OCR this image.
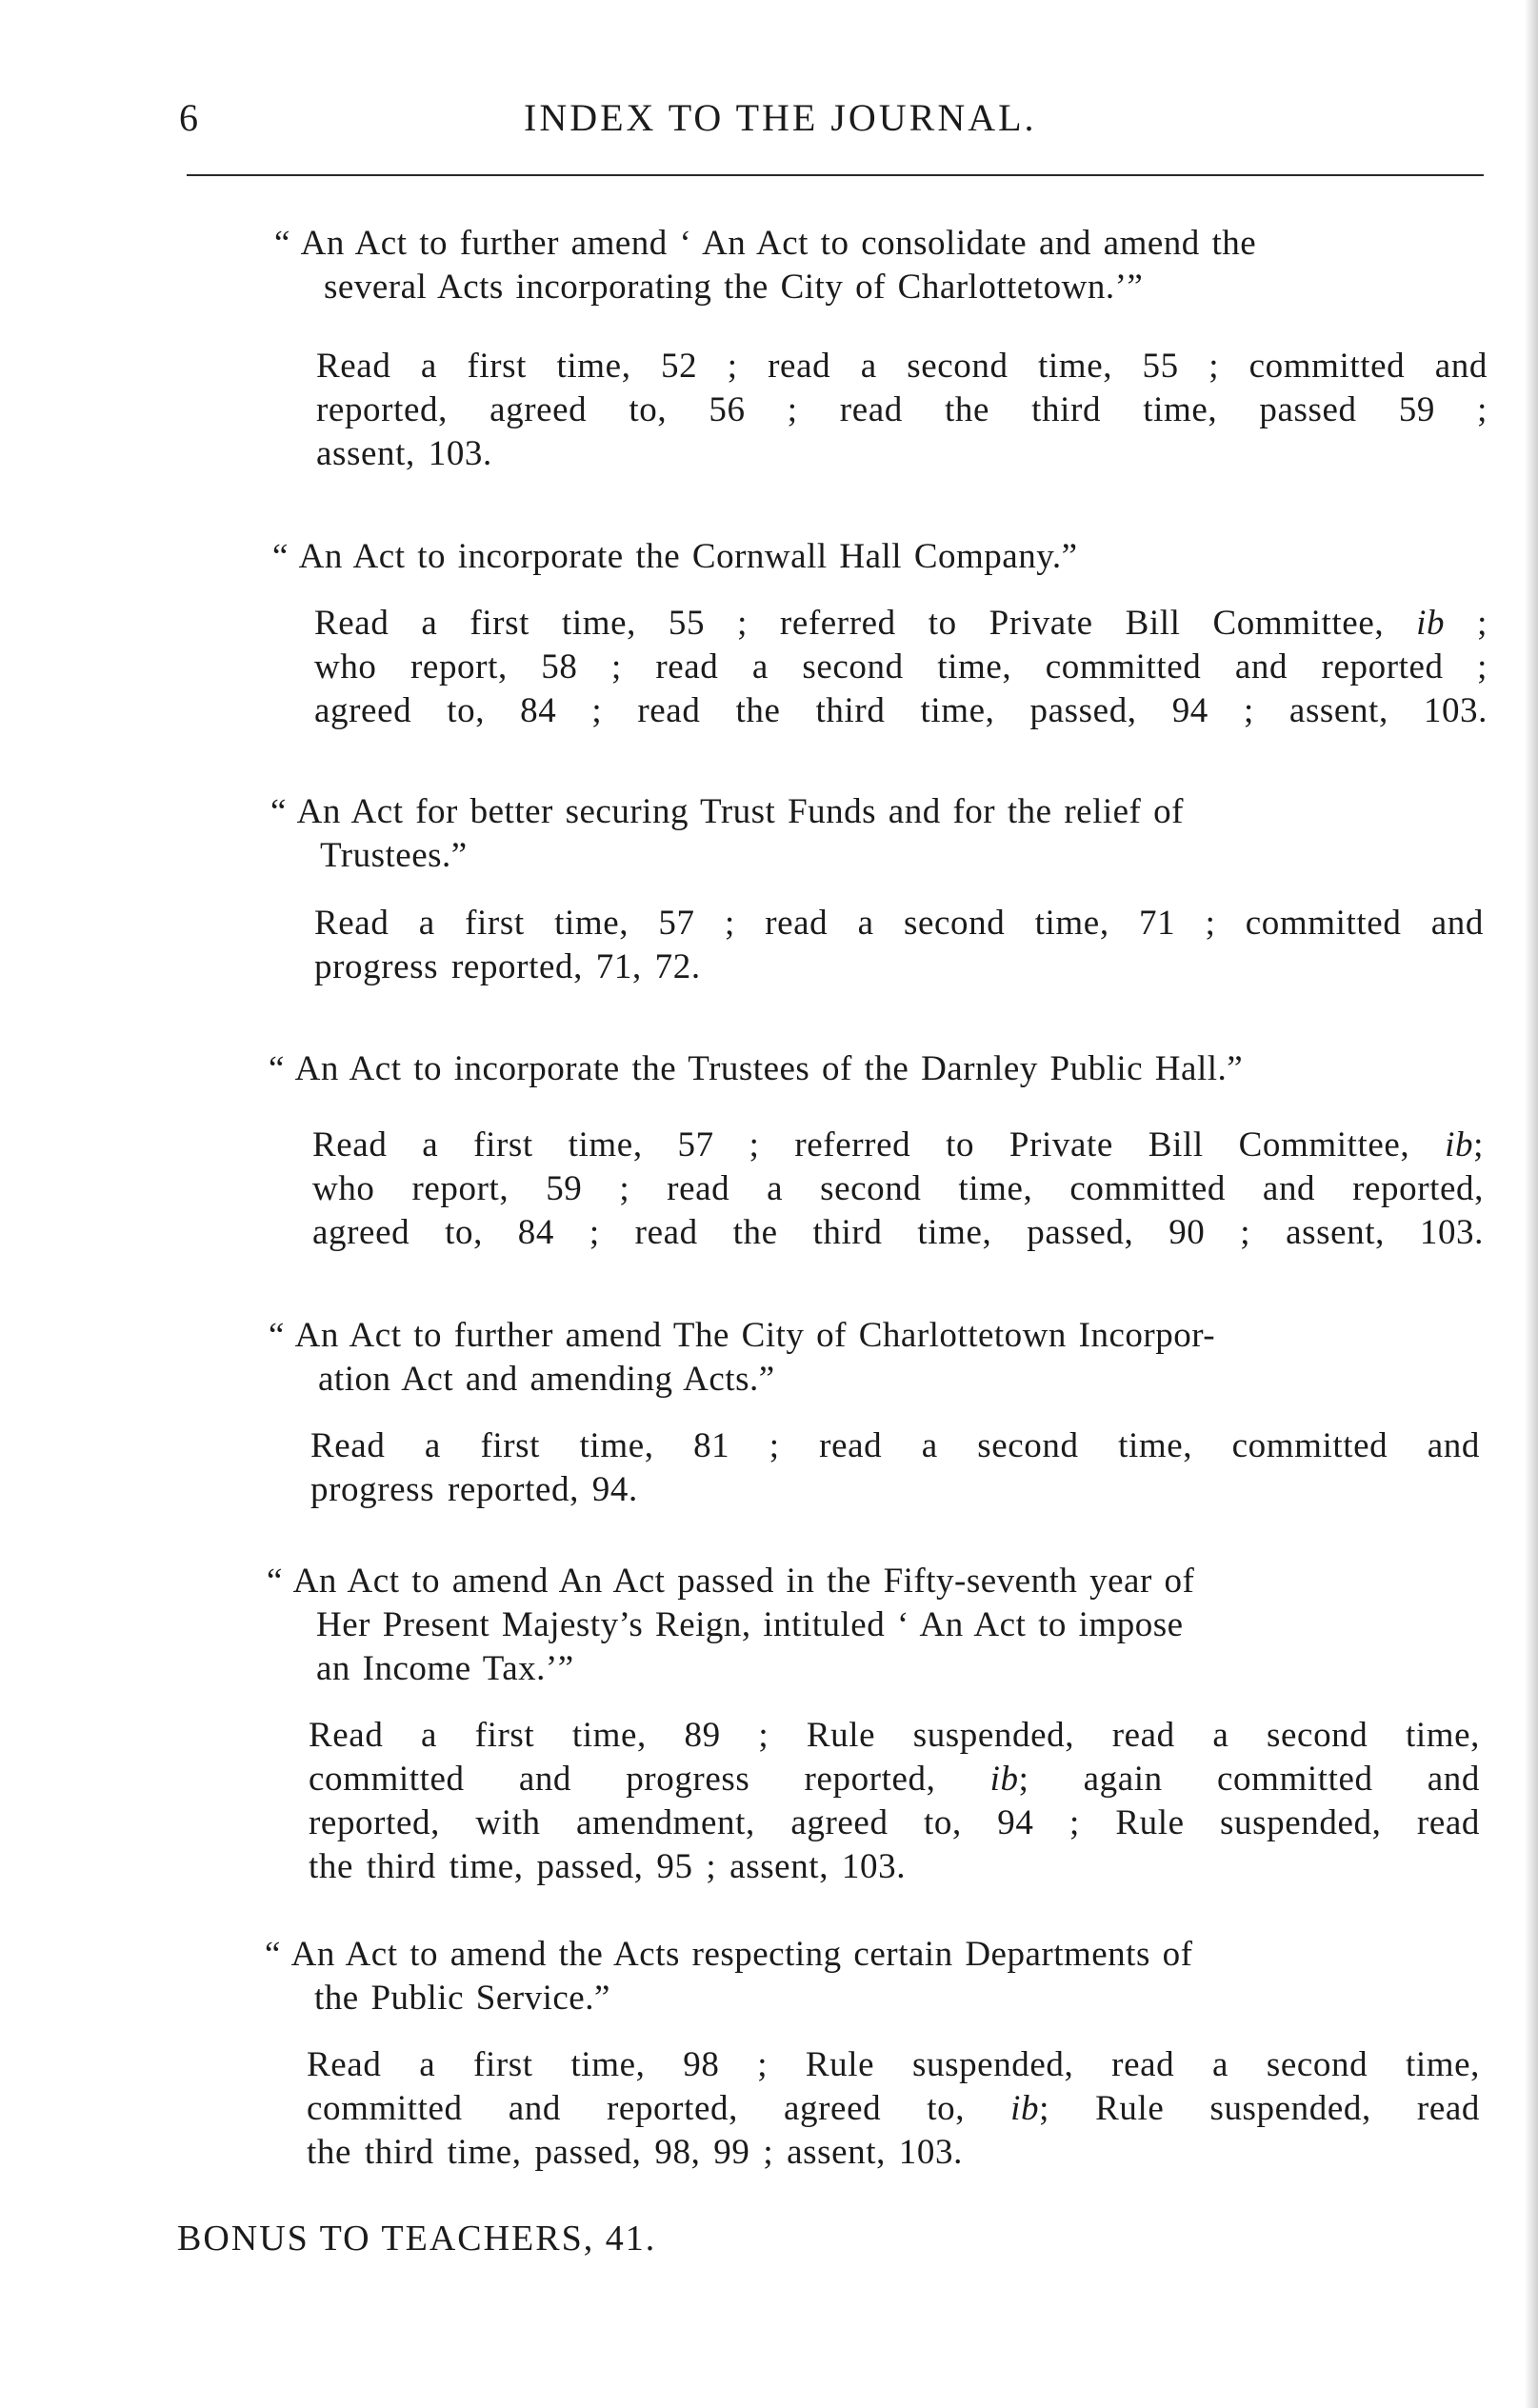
6	INDEX TO THE JOURNAL.
“ An Act to further amend ‘ An Act to consolidate and amend the
several Acts incorporating the City of Charlottetown.’”
Read a first time, 52 ; read a second time, 55 ; committed and
reported, agreed to, 56 ; read the third time, passed 59 ;
assent, 103.
“ An Act to incorporate the Cornwall Hall Company.”
Read a first time, 55 ; referred to Private Bill Committee, ib ;
who report, 58 ; read a second time, committed and reported ;
agreed to, 84 ; read the third time, passed, 94 ; assent, 103.
“ An Act for better securing Trust Funds and for the relief of
Trustees.”
Read a first time, 57 ; read a second time, 71 ; committed and
progress reported, 71, 72.
“ An Act to incorporate the Trustees of the Darnley Public Hall.”
Read a first time, 57 ; referred to Private Bill Committee, ib;
who report, 59 ; read a second time, committed and reported,
agreed to, 84 ; read the third time, passed, 90 ; assent, 103.
“ An Act to further amend The City of Charlottetown Incorpor-
ation Act and amending Acts.”
Read a first time, 81 ; read a second time, committed and
progress reported, 94.
“ An Act to amend An Act passed in the Fifty-seventh year of
Her Present Majesty’s Reign, intituled ‘ An Act to impose
an Income Tax.’”
Read a first time, 89 ; Rule suspended, read a second time,
committed and progress reported, ib; again committed and
reported, with amendment, agreed to, 94 ; Rule suspended, read
the third time, passed, 95 ; assent, 103.
“ An Act to amend the Acts respecting certain Departments of
the Public Service.”
Read a first time, 98 ; Rule suspended, read a second time,
committed and reported, agreed to, ib; Rule suspended, read
the third time, passed, 98, 99 ; assent, 103.
BONUS TO TEACHERS, 41.
